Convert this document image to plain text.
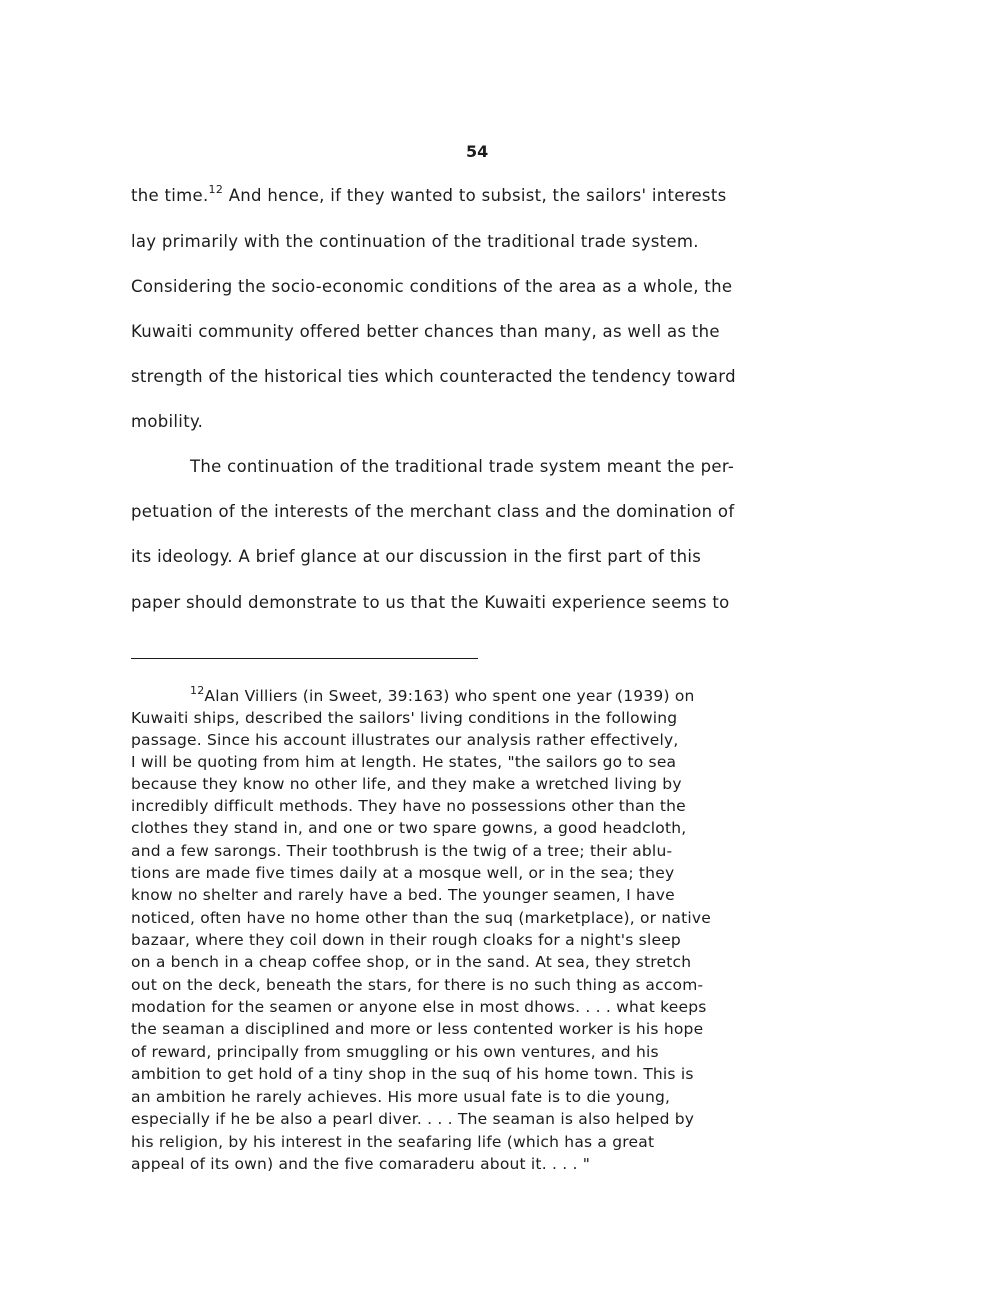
54
the time.$^{12}$ And hence, if they wanted to subsist, the sailors' interests
lay primarily with the continuation of the traditional trade system.
Considering the socio-economic conditions of the area as a whole, the
Kuwaiti community offered better chances than many, as well as the
strength of the historical ties which counteracted the tendency toward
mobility.
The continuation of the traditional trade system meant the per-
petuation of the interests of the merchant class and the domination of
its ideology. A brief glance at our discussion in the first part of this
paper should demonstrate to us that the Kuwaiti experience seems to
$^{12}$Alan Villiers (in Sweet, 39:163) who spent one year (1939) on
Kuwaiti ships, described the sailors' living conditions in the following
passage. Since his account illustrates our analysis rather effectively,
I will be quoting from him at length. He states, "the sailors go to sea
because they know no other life, and they make a wretched living by
incredibly difficult methods. They have no possessions other than the
clothes they stand in, and one or two spare gowns, a good headcloth,
and a few sarongs. Their toothbrush is the twig of a tree; their ablu-
tions are made five times daily at a mosque well, or in the sea; they
know no shelter and rarely have a bed. The younger seamen, I have
noticed, often have no home other than the suq (marketplace), or native
bazaar, where they coil down in their rough cloaks for a night's sleep
on a bench in a cheap coffee shop, or in the sand. At sea, they stretch
out on the deck, beneath the stars, for there is no such thing as accom-
modation for the seamen or anyone else in most dhows. . . . what keeps
the seaman a disciplined and more or less contented worker is his hope
of reward, principally from smuggling or his own ventures, and his
ambition to get hold of a tiny shop in the suq of his home town. This is
an ambition he rarely achieves. His more usual fate is to die young,
especially if he be also a pearl diver. . . . The seaman is also helped by
his religion, by his interest in the seafaring life (which has a great
appeal of its own) and the five comaraderu about it. . . . "
